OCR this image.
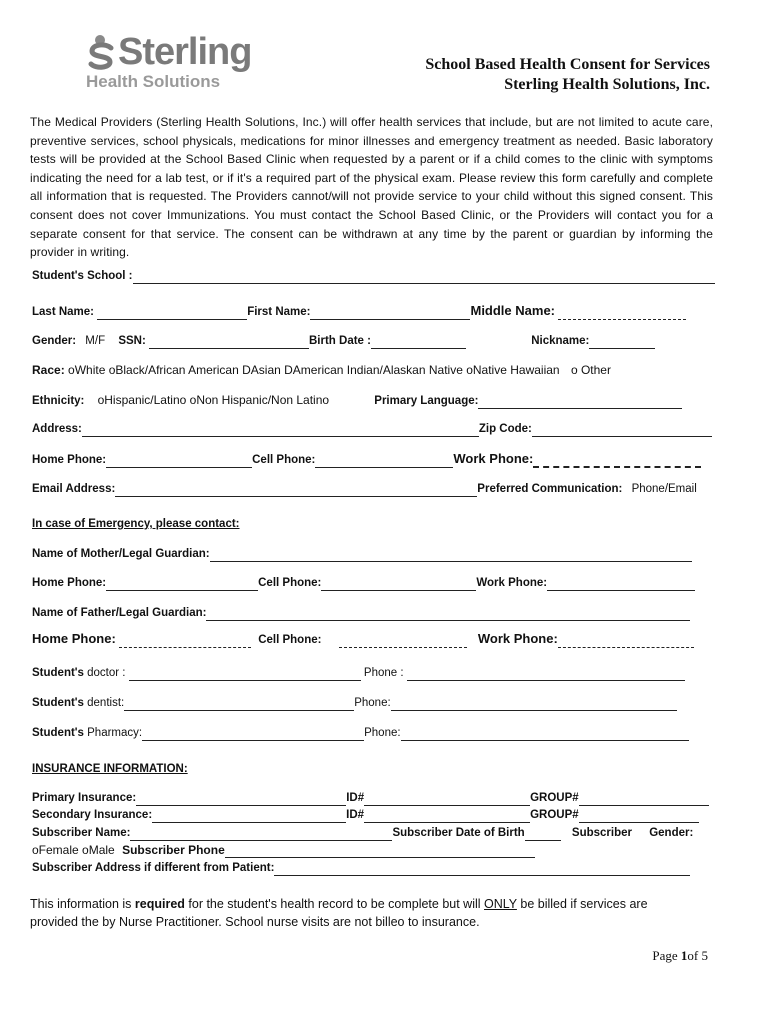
Sterling
Health Solutions
School Based Health Consent for Services
Sterling Health Solutions, Inc.
The Medical Providers (Sterling Health Solutions, Inc.) will offer health services that include, but are not limited to acute care, preventive services, school physicals, medications for minor illnesses and emergency treatment as needed. Basic laboratory tests will be provided at the School Based Clinic when requested by a parent or if a child comes to the clinic with symptoms indicating the need for a lab test, or if it's a required part of the physical exam. Please review this form carefully and complete all information that is requested. The Providers cannot/will not provide service to your child without this signed consent. This consent does not cover Immunizations. You must contact the School Based Clinic, or the Providers will contact you for a separate consent for that service. The consent can be withdrawn at any time by the parent or guardian by informing the provider in writing.
Student's School :
Last Name:	First Name:	Middle Name:
Gender: M/F SSN:	Birth Date :	Nickname:
Race: oWhite oBlack/African American DAsian DAmerican Indian/Alaskan Native oNative Hawaiian o Other
Ethnicity: oHispanic/Latino oNon Hispanic/Non Latino	Primary Language:
Address:	Zip Code:
Home Phone:	Cell Phone:	Work Phone:
Email Address:	Preferred Communication: Phone/Email
In case of Emergency, please contact:
Name of Mother/Legal Guardian:
Home Phone:	Cell Phone:	Work Phone:
Name of Father/Legal Guardian:
Home Phone:	Cell Phone:	Work Phone:
Student's doctor :	Phone :
Student's dentist:	Phone:
Student's Pharmacy:	Phone:
INSURANCE INFORMATION:
Primary Insurance:	ID#	GROUP#
Secondary Insurance:	ID#	GROUP#
Subscriber Name:	Subscriber Date of Birth	Subscriber Gender:
oFemale oMale Subscriber Phone
Subscriber Address if different from Patient:
This information is required for the student's health record to be complete but will ONLY be billed if services are provided the by Nurse Practitioner. School nurse visits are not billeo to insurance.
Page 1of 5
